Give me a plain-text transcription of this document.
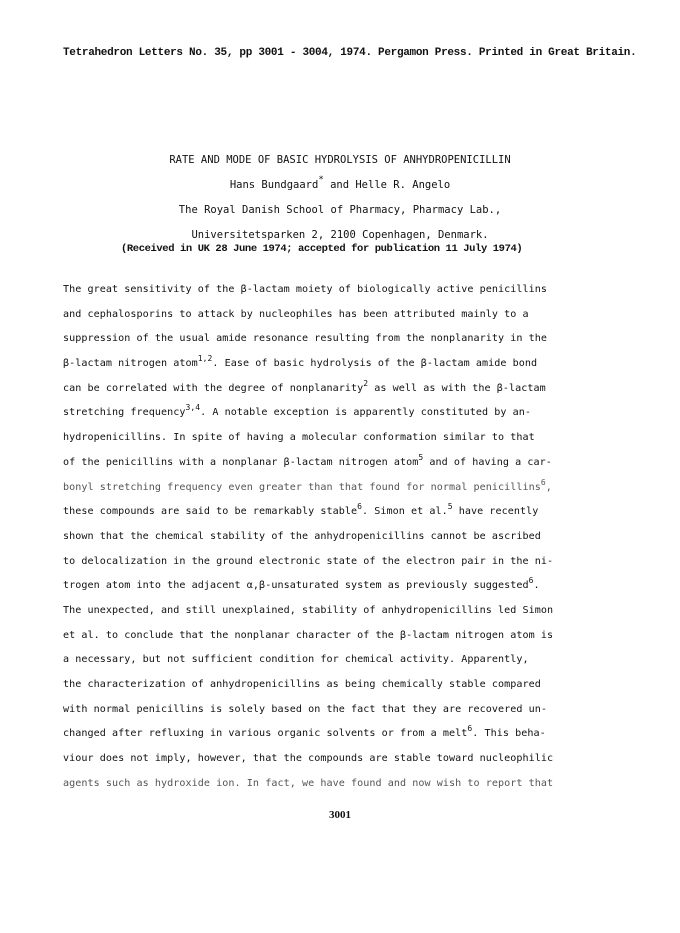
Tetrahedron Letters No. 35, pp 3001 - 3004, 1974. Pergamon Press. Printed in Great Britain.
RATE AND MODE OF BASIC HYDROLYSIS OF ANHYDROPENICILLIN
Hans Bundgaard* and Helle R. Angelo
The Royal Danish School of Pharmacy, Pharmacy Lab.,
Universitetsparken 2, 2100 Copenhagen, Denmark.
(Received in UK 28 June 1974; accepted for publication 11 July 1974)
The great sensitivity of the β-lactam moiety of biologically active penicillins
and cephalosporins to attack by nucleophiles has been attributed mainly to a
suppression of the usual amide resonance resulting from the nonplanarity in the
β-lactam nitrogen atom$^{1,2}$. Ease of basic hydrolysis of the β-lactam amide bond
can be correlated with the degree of nonplanarity$^2$ as well as with the β-lactam
stretching frequency$^{3,4}$. A notable exception is apparently constituted by an-
hydropenicillins. In spite of having a molecular conformation similar to that
of the penicillins with a nonplanar β-lactam nitrogen atom$^5$ and of having a car-
bonyl stretching frequency even greater than that found for normal penicillins$^6$,
these compounds are said to be remarkably stable$^6$. Simon et al.$^5$ have recently
shown that the chemical stability of the anhydropenicillins cannot be ascribed
to delocalization in the ground electronic state of the electron pair in the ni-
trogen atom into the adjacent α,β-unsaturated system as previously suggested$^6$.
The unexpected, and still unexplained, stability of anhydropenicillins led Simon
et al. to conclude that the nonplanar character of the β-lactam nitrogen atom is
a necessary, but not sufficient condition for chemical activity. Apparently,
the characterization of anhydropenicillins as being chemically stable compared
with normal penicillins is solely based on the fact that they are recovered un-
changed after refluxing in various organic solvents or from a melt$^6$. This beha-
viour does not imply, however, that the compounds are stable toward nucleophilic
agents such as hydroxide ion. In fact, we have found and now wish to report that
3001
